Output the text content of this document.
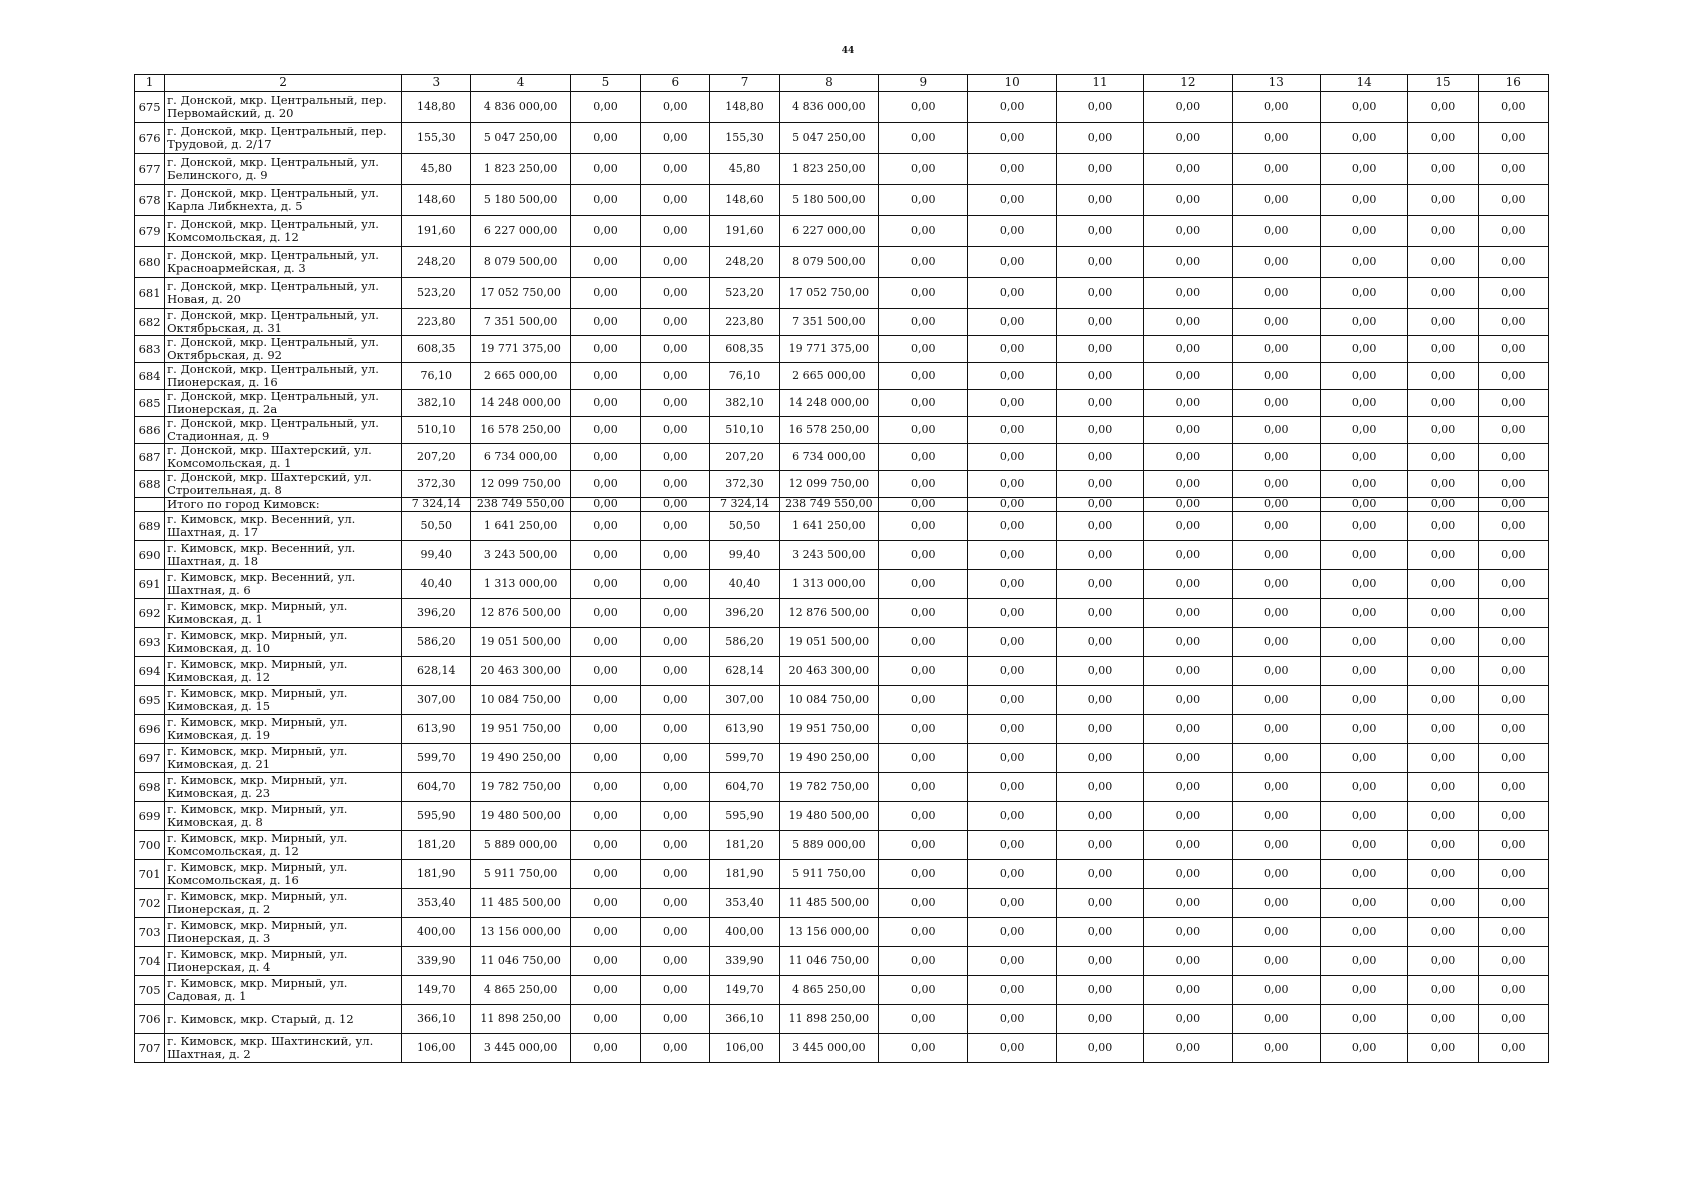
44
1	2	3	4	5	6	7	8	9	10	11	12	13	14	15	16
675	г. Донской, мкр. Центральный, пер. Первомайский, д. 20	148,80	4 836 000,00	0,00	0,00	148,80	4 836 000,00	0,00	0,00	0,00	0,00	0,00	0,00	0,00	0,00
676	г. Донской, мкр. Центральный, пер. Трудовой, д. 2/17	155,30	5 047 250,00	0,00	0,00	155,30	5 047 250,00	0,00	0,00	0,00	0,00	0,00	0,00	0,00	0,00
677	г. Донской, мкр. Центральный, ул. Белинского, д. 9	45,80	1 823 250,00	0,00	0,00	45,80	1 823 250,00	0,00	0,00	0,00	0,00	0,00	0,00	0,00	0,00
678	г. Донской, мкр. Центральный, ул. Карла Либкнехта, д. 5	148,60	5 180 500,00	0,00	0,00	148,60	5 180 500,00	0,00	0,00	0,00	0,00	0,00	0,00	0,00	0,00
679	г. Донской, мкр. Центральный, ул. Комсомольская, д. 12	191,60	6 227 000,00	0,00	0,00	191,60	6 227 000,00	0,00	0,00	0,00	0,00	0,00	0,00	0,00	0,00
680	г. Донской, мкр. Центральный, ул. Красноармейская, д. 3	248,20	8 079 500,00	0,00	0,00	248,20	8 079 500,00	0,00	0,00	0,00	0,00	0,00	0,00	0,00	0,00
681	г. Донской, мкр. Центральный, ул. Новая, д. 20	523,20	17 052 750,00	0,00	0,00	523,20	17 052 750,00	0,00	0,00	0,00	0,00	0,00	0,00	0,00	0,00
682	г. Донской, мкр. Центральный, ул. Октябрьская, д. 31	223,80	7 351 500,00	0,00	0,00	223,80	7 351 500,00	0,00	0,00	0,00	0,00	0,00	0,00	0,00	0,00
683	г. Донской, мкр. Центральный, ул. Октябрьская, д. 92	608,35	19 771 375,00	0,00	0,00	608,35	19 771 375,00	0,00	0,00	0,00	0,00	0,00	0,00	0,00	0,00
684	г. Донской, мкр. Центральный, ул. Пионерская, д. 16	76,10	2 665 000,00	0,00	0,00	76,10	2 665 000,00	0,00	0,00	0,00	0,00	0,00	0,00	0,00	0,00
685	г. Донской, мкр. Центральный, ул. Пионерская, д. 2а	382,10	14 248 000,00	0,00	0,00	382,10	14 248 000,00	0,00	0,00	0,00	0,00	0,00	0,00	0,00	0,00
686	г. Донской, мкр. Центральный, ул. Стадионная, д. 9	510,10	16 578 250,00	0,00	0,00	510,10	16 578 250,00	0,00	0,00	0,00	0,00	0,00	0,00	0,00	0,00
687	г. Донской, мкр. Шахтерский, ул. Комсомольская, д. 1	207,20	6 734 000,00	0,00	0,00	207,20	6 734 000,00	0,00	0,00	0,00	0,00	0,00	0,00	0,00	0,00
688	г. Донской, мкр. Шахтерский, ул. Строительная, д. 8	372,30	12 099 750,00	0,00	0,00	372,30	12 099 750,00	0,00	0,00	0,00	0,00	0,00	0,00	0,00	0,00
	Итого по город Кимовск:	7 324,14	238 749 550,00	0,00	0,00	7 324,14	238 749 550,00	0,00	0,00	0,00	0,00	0,00	0,00	0,00	0,00
689	г. Кимовск, мкр. Весенний, ул. Шахтная, д. 17	50,50	1 641 250,00	0,00	0,00	50,50	1 641 250,00	0,00	0,00	0,00	0,00	0,00	0,00	0,00	0,00
690	г. Кимовск, мкр. Весенний, ул. Шахтная, д. 18	99,40	3 243 500,00	0,00	0,00	99,40	3 243 500,00	0,00	0,00	0,00	0,00	0,00	0,00	0,00	0,00
691	г. Кимовск, мкр. Весенний, ул. Шахтная, д. 6	40,40	1 313 000,00	0,00	0,00	40,40	1 313 000,00	0,00	0,00	0,00	0,00	0,00	0,00	0,00	0,00
692	г. Кимовск, мкр. Мирный, ул. Кимовская, д. 1	396,20	12 876 500,00	0,00	0,00	396,20	12 876 500,00	0,00	0,00	0,00	0,00	0,00	0,00	0,00	0,00
693	г. Кимовск, мкр. Мирный, ул. Кимовская, д. 10	586,20	19 051 500,00	0,00	0,00	586,20	19 051 500,00	0,00	0,00	0,00	0,00	0,00	0,00	0,00	0,00
694	г. Кимовск, мкр. Мирный, ул. Кимовская, д. 12	628,14	20 463 300,00	0,00	0,00	628,14	20 463 300,00	0,00	0,00	0,00	0,00	0,00	0,00	0,00	0,00
695	г. Кимовск, мкр. Мирный, ул. Кимовская, д. 15	307,00	10 084 750,00	0,00	0,00	307,00	10 084 750,00	0,00	0,00	0,00	0,00	0,00	0,00	0,00	0,00
696	г. Кимовск, мкр. Мирный, ул. Кимовская, д. 19	613,90	19 951 750,00	0,00	0,00	613,90	19 951 750,00	0,00	0,00	0,00	0,00	0,00	0,00	0,00	0,00
697	г. Кимовск, мкр. Мирный, ул. Кимовская, д. 21	599,70	19 490 250,00	0,00	0,00	599,70	19 490 250,00	0,00	0,00	0,00	0,00	0,00	0,00	0,00	0,00
698	г. Кимовск, мкр. Мирный, ул. Кимовская, д. 23	604,70	19 782 750,00	0,00	0,00	604,70	19 782 750,00	0,00	0,00	0,00	0,00	0,00	0,00	0,00	0,00
699	г. Кимовск, мкр. Мирный, ул. Кимовская, д. 8	595,90	19 480 500,00	0,00	0,00	595,90	19 480 500,00	0,00	0,00	0,00	0,00	0,00	0,00	0,00	0,00
700	г. Кимовск, мкр. Мирный, ул. Комсомольская, д. 12	181,20	5 889 000,00	0,00	0,00	181,20	5 889 000,00	0,00	0,00	0,00	0,00	0,00	0,00	0,00	0,00
701	г. Кимовск, мкр. Мирный, ул. Комсомольская, д. 16	181,90	5 911 750,00	0,00	0,00	181,90	5 911 750,00	0,00	0,00	0,00	0,00	0,00	0,00	0,00	0,00
702	г. Кимовск, мкр. Мирный, ул. Пионерская, д. 2	353,40	11 485 500,00	0,00	0,00	353,40	11 485 500,00	0,00	0,00	0,00	0,00	0,00	0,00	0,00	0,00
703	г. Кимовск, мкр. Мирный, ул. Пионерская, д. 3	400,00	13 156 000,00	0,00	0,00	400,00	13 156 000,00	0,00	0,00	0,00	0,00	0,00	0,00	0,00	0,00
704	г. Кимовск, мкр. Мирный, ул. Пионерская, д. 4	339,90	11 046 750,00	0,00	0,00	339,90	11 046 750,00	0,00	0,00	0,00	0,00	0,00	0,00	0,00	0,00
705	г. Кимовск, мкр. Мирный, ул. Садовая, д. 1	149,70	4 865 250,00	0,00	0,00	149,70	4 865 250,00	0,00	0,00	0,00	0,00	0,00	0,00	0,00	0,00
706	г. Кимовск, мкр. Старый, д. 12	366,10	11 898 250,00	0,00	0,00	366,10	11 898 250,00	0,00	0,00	0,00	0,00	0,00	0,00	0,00	0,00
707	г. Кимовск, мкр. Шахтинский, ул. Шахтная, д. 2	106,00	3 445 000,00	0,00	0,00	106,00	3 445 000,00	0,00	0,00	0,00	0,00	0,00	0,00	0,00	0,00
